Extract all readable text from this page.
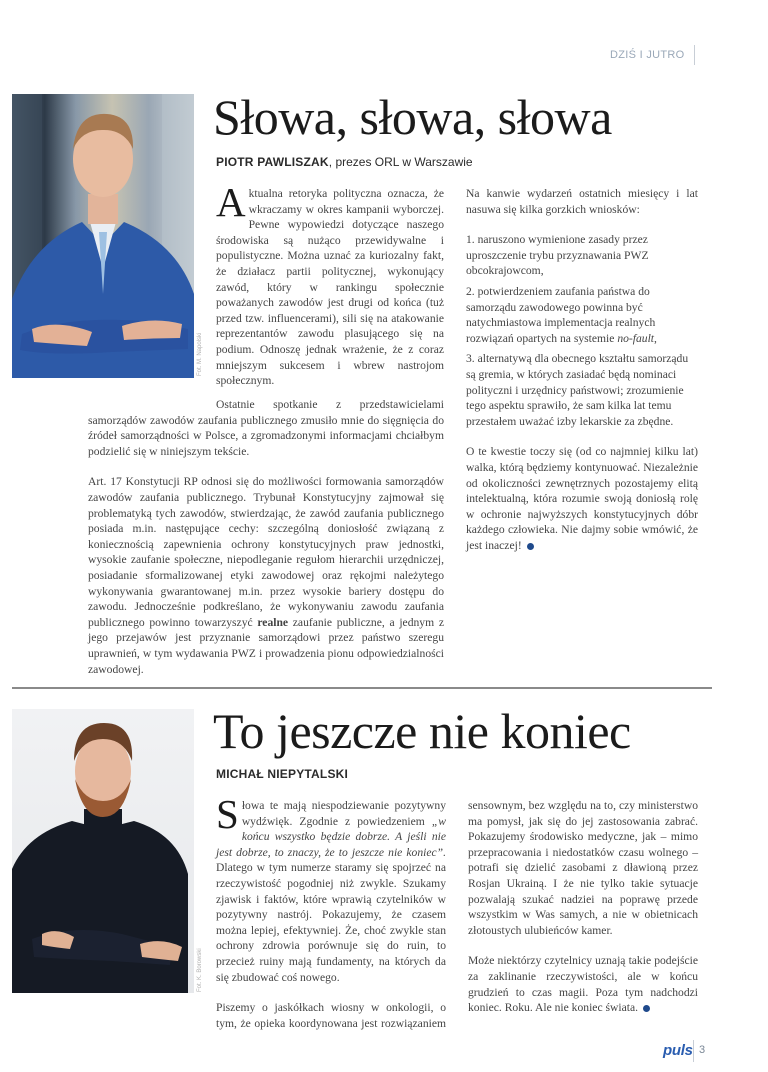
DZIŚ I JUTRO
Fot. M. Napolski
Słowa, słowa, słowa
PIOTR PAWLISZAK, prezes ORL w Warszawie

Aktualna retoryka polityczna oznacza, że wkraczamy w okres kampanii wyborczej. Pewne wypowiedzi dotyczące naszego środowiska są nużąco przewidywalne i populistyczne. Można uznać za kuriozalny fakt, że działacz partii politycznej, wykonujący zawód, który w rankingu społecznie poważanych zawodów jest drugi od końca (tuż przed tzw. influencerami), sili się na atakowanie reprezentantów zawodu plasującego się na podium. Odnoszę jednak wrażenie, że z coraz mniejszym sukcesem i wbrew nastrojom społecznym.

Ostatnie spotkanie z przedstawicielami samorządów zawodów zaufania publicznego zmusiło mnie do sięgnięcia do źródeł samorządności w Polsce, a zgromadzonymi informacjami chciałbym podzielić się w niniejszym tekście.

Art. 17 Konstytucji RP odnosi się do możliwości formowania samorządów zawodów zaufania publicznego. Trybunał Konstytucyjny zajmował się problematyką tych zawodów, stwierdzając, że zawód zaufania publicznego posiada m.in. następujące cechy: szczególną doniosłość związaną z koniecznością zapewnienia ochrony konstytucyjnych praw jednostki, wysokie zaufanie społeczne, niepodleganie regułom hierarchii urzędniczej, posiadanie sformalizowanej etyki zawodowej oraz rękojmi należytego wykonywania gwarantowanej m.in. przez wysokie bariery dostępu do zawodu. Jednocześnie podkreślano, że wykonywaniu zawodu zaufania publicznego powinno towarzyszyć realne zaufanie publiczne, a jednym z jego przejawów jest przyznanie samorządowi przez państwo szeregu uprawnień, w tym wydawania PWZ i prowadzenia pionu odpowiedzialności zawodowej.

Na kanwie wydarzeń ostatnich miesięcy i lat nasuwa się kilka gorzkich wniosków:

1. naruszono wymienione zasady przez uproszczenie trybu przyznawania PWZ obcokrajowcom,

2. potwierdzeniem zaufania państwa do samorządu zawodowego powinna być natychmiastowa implementacja realnych rozwiązań opartych na systemie no-fault,

3. alternatywą dla obecnego kształtu samorządu są gremia, w których zasiadać będą nominaci polityczni i urzędnicy państwowi; zrozumienie tego aspektu sprawiło, że sam kilka lat temu przestałem uważać izby lekarskie za zbędne.

O te kwestie toczy się (od co najmniej kilku lat) walka, którą będziemy kontynuować. Niezależnie od okoliczności zewnętrznych pozostajemy elitą intelektualną, która rozumie swoją doniosłą rolę w ochronie najwyższych konstytucyjnych dóbr każdego człowieka. Nie dajmy sobie wmówić, że jest inaczej!

Fot. K. Borowski
To jeszcze nie koniec
MICHAŁ NIEPYTALSKI

Słowa te mają niespodziewanie pozytywny wydźwięk. Zgodnie z powiedzeniem „w końcu wszystko będzie dobrze. A jeśli nie jest dobrze, to znaczy, że to jeszcze nie koniec”. Dlatego w tym numerze staramy się spojrzeć na rzeczywistość pogodniej niż zwykle. Szukamy zjawisk i faktów, które wprawią czytelników w pozytywny nastrój. Pokazujemy, że czasem można lepiej, efektywniej. Że, choć zwykle stan ochrony zdrowia porównuje się do ruin, to przecież ruiny mają fundamenty, na których da się zbudować coś nowego.

Piszemy o jaskółkach wiosny w onkologii, o tym, że opieka koordynowana jest rozwiązaniem sensownym, bez względu na to, czy ministerstwo ma pomysł, jak się do jej zastosowania zabrać. Pokazujemy środowisko medyczne, jak – mimo przepracowania i niedostatków czasu wolnego – potrafi się dzielić zasobami z dławioną przez Rosjan Ukrainą. I że nie tylko takie sytuacje pozwalają szukać nadziei na poprawę przede wszystkim w Was samych, a nie w obietnicach złotoustych ulubieńców kamer.

Może niektórzy czytelnicy uznają takie podejście za zaklinanie rzeczywistości, ale w końcu grudzień to czas magii. Poza tym nadchodzi koniec. Roku. Ale nie koniec świata.

puls 3
